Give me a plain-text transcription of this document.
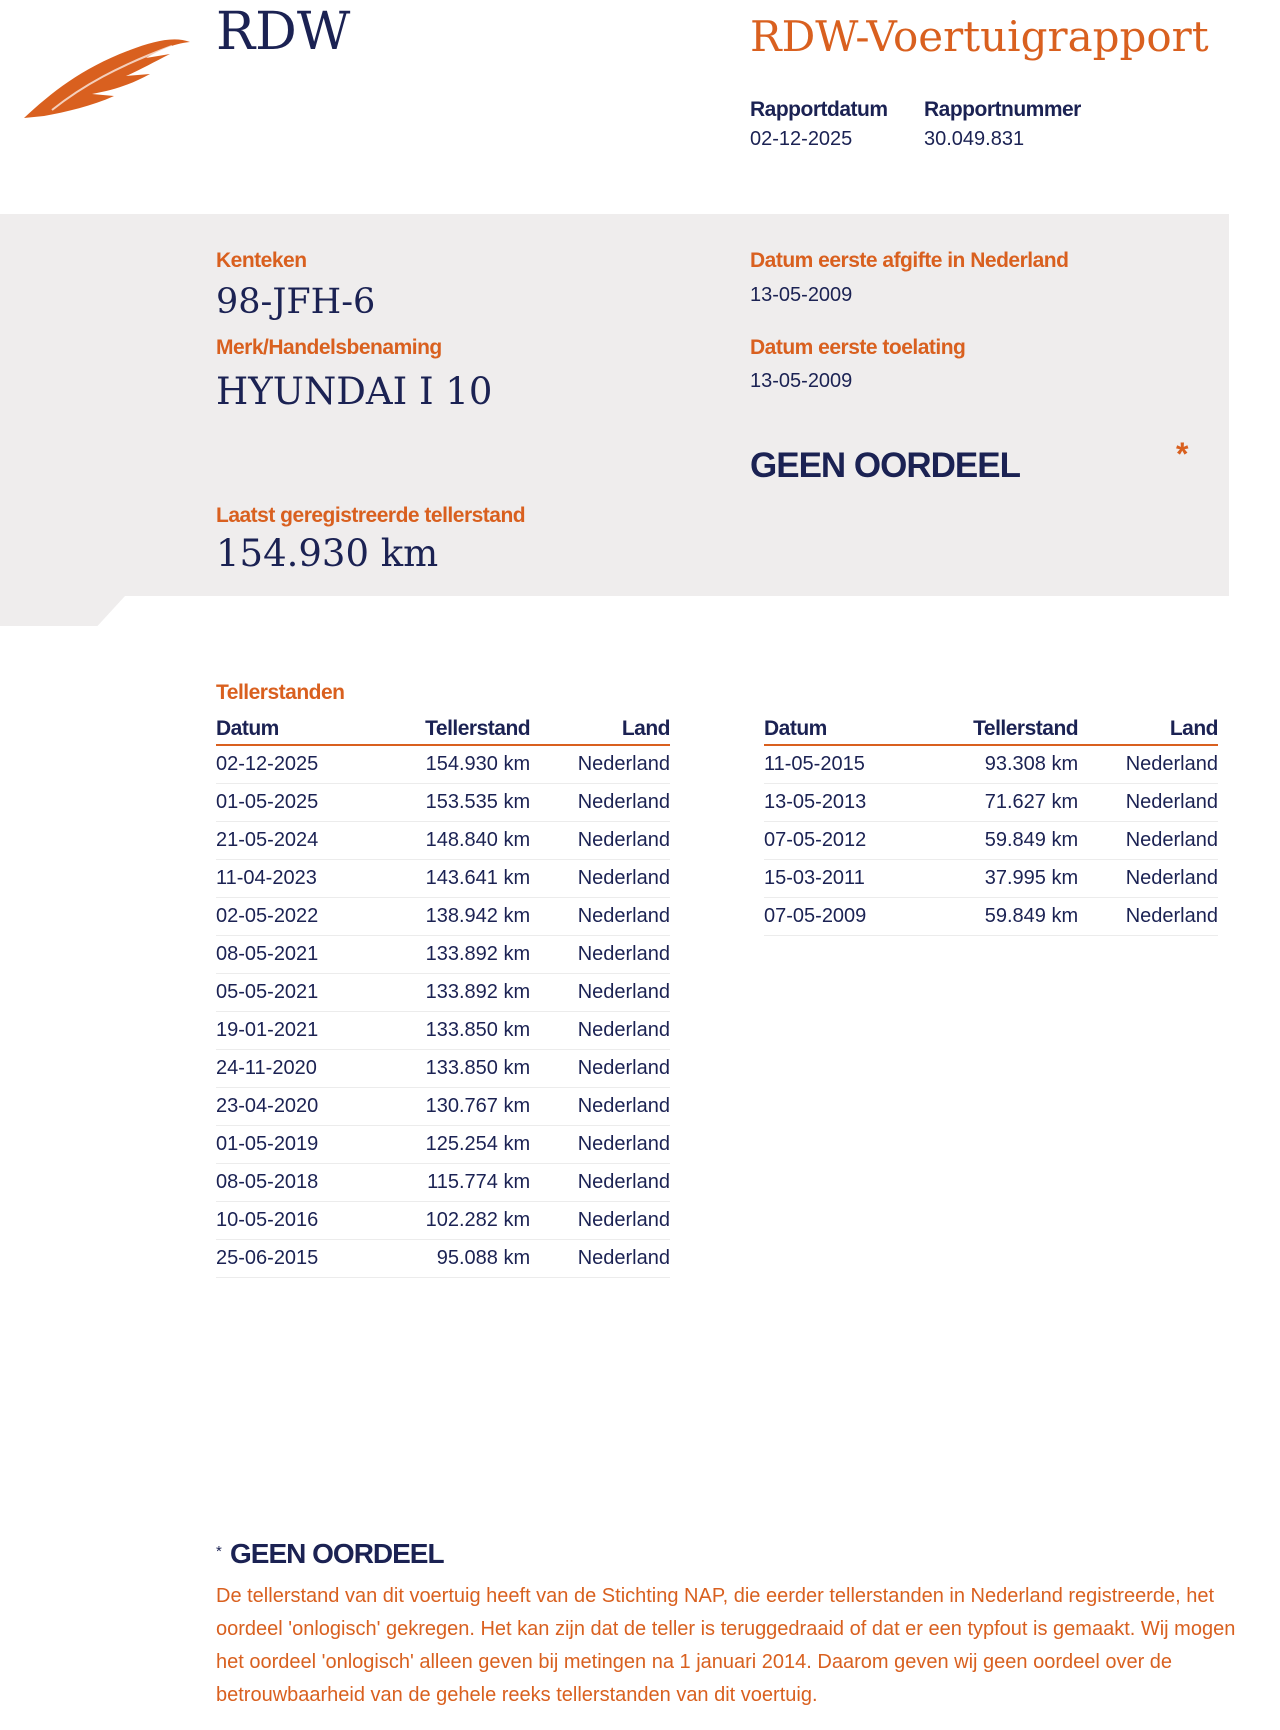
RDW	RDW-Voertuigrapport
Rapportdatum
02-12-2025
Rapportnummer
30.049.831
Kenteken
98-JFH-6
Merk/Handelsbenaming
HYUNDAI I 10
Laatst geregistreerde tellerstand
154.930 km
Datum eerste afgifte in Nederland
13-05-2009
Datum eerste toelating
13-05-2009
GEEN OORDEEL	*
Tellerstanden
Datum	Tellerstand	Land
02-12-2025	154.930 km	Nederland
01-05-2025	153.535 km	Nederland
21-05-2024	148.840 km	Nederland
11-04-2023	143.641 km	Nederland
02-05-2022	138.942 km	Nederland
08-05-2021	133.892 km	Nederland
05-05-2021	133.892 km	Nederland
19-01-2021	133.850 km	Nederland
24-11-2020	133.850 km	Nederland
23-04-2020	130.767 km	Nederland
01-05-2019	125.254 km	Nederland
08-05-2018	115.774 km	Nederland
10-05-2016	102.282 km	Nederland
25-06-2015	95.088 km	Nederland
Datum	Tellerstand	Land
11-05-2015	93.308 km	Nederland
13-05-2013	71.627 km	Nederland
07-05-2012	59.849 km	Nederland
15-03-2011	37.995 km	Nederland
07-05-2009	59.849 km	Nederland
* GEEN OORDEEL
De tellerstand van dit voertuig heeft van de Stichting NAP, die eerder tellerstanden in Nederland registreerde, het oordeel 'onlogisch' gekregen. Het kan zijn dat de teller is teruggedraaid of dat er een typfout is gemaakt. Wij mogen het oordeel 'onlogisch' alleen geven bij metingen na 1 januari 2014. Daarom geven wij geen oordeel over de betrouwbaarheid van de gehele reeks tellerstanden van dit voertuig.
